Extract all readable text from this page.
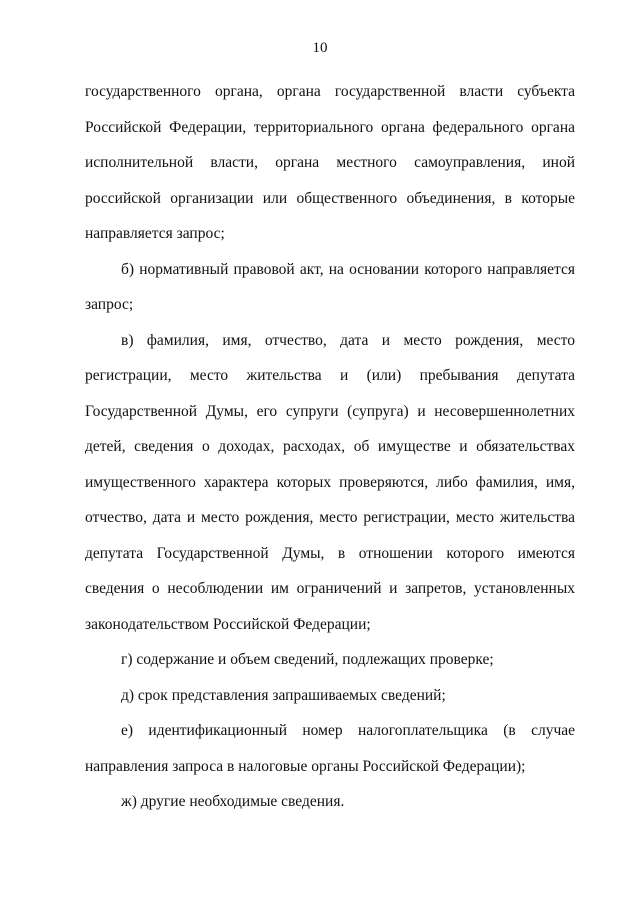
10

государственного органа, органа государственной власти субъекта Российской Федерации, территориального органа федерального органа исполнительной власти, органа местного самоуправления, иной российской организации или общественного объединения, в которые направляется запрос;

б) нормативный правовой акт, на основании которого направляется запрос;

в) фамилия, имя, отчество, дата и место рождения, место регистрации, место жительства и (или) пребывания депутата Государственной Думы, его супруги (супруга) и несовершеннолетних детей, сведения о доходах, расходах, об имуществе и обязательствах имущественного характера которых проверяются, либо фамилия, имя, отчество, дата и место рождения, место регистрации, место жительства депутата Государственной Думы, в отношении которого имеются сведения о несоблюдении им ограничений и запретов, установленных законодательством Российской Федерации;

г) содержание и объем сведений, подлежащих проверке;

д) срок представления запрашиваемых сведений;

е) идентификационный номер налогоплательщика (в случае направления запроса в налоговые органы Российской Федерации);

ж) другие необходимые сведения.
